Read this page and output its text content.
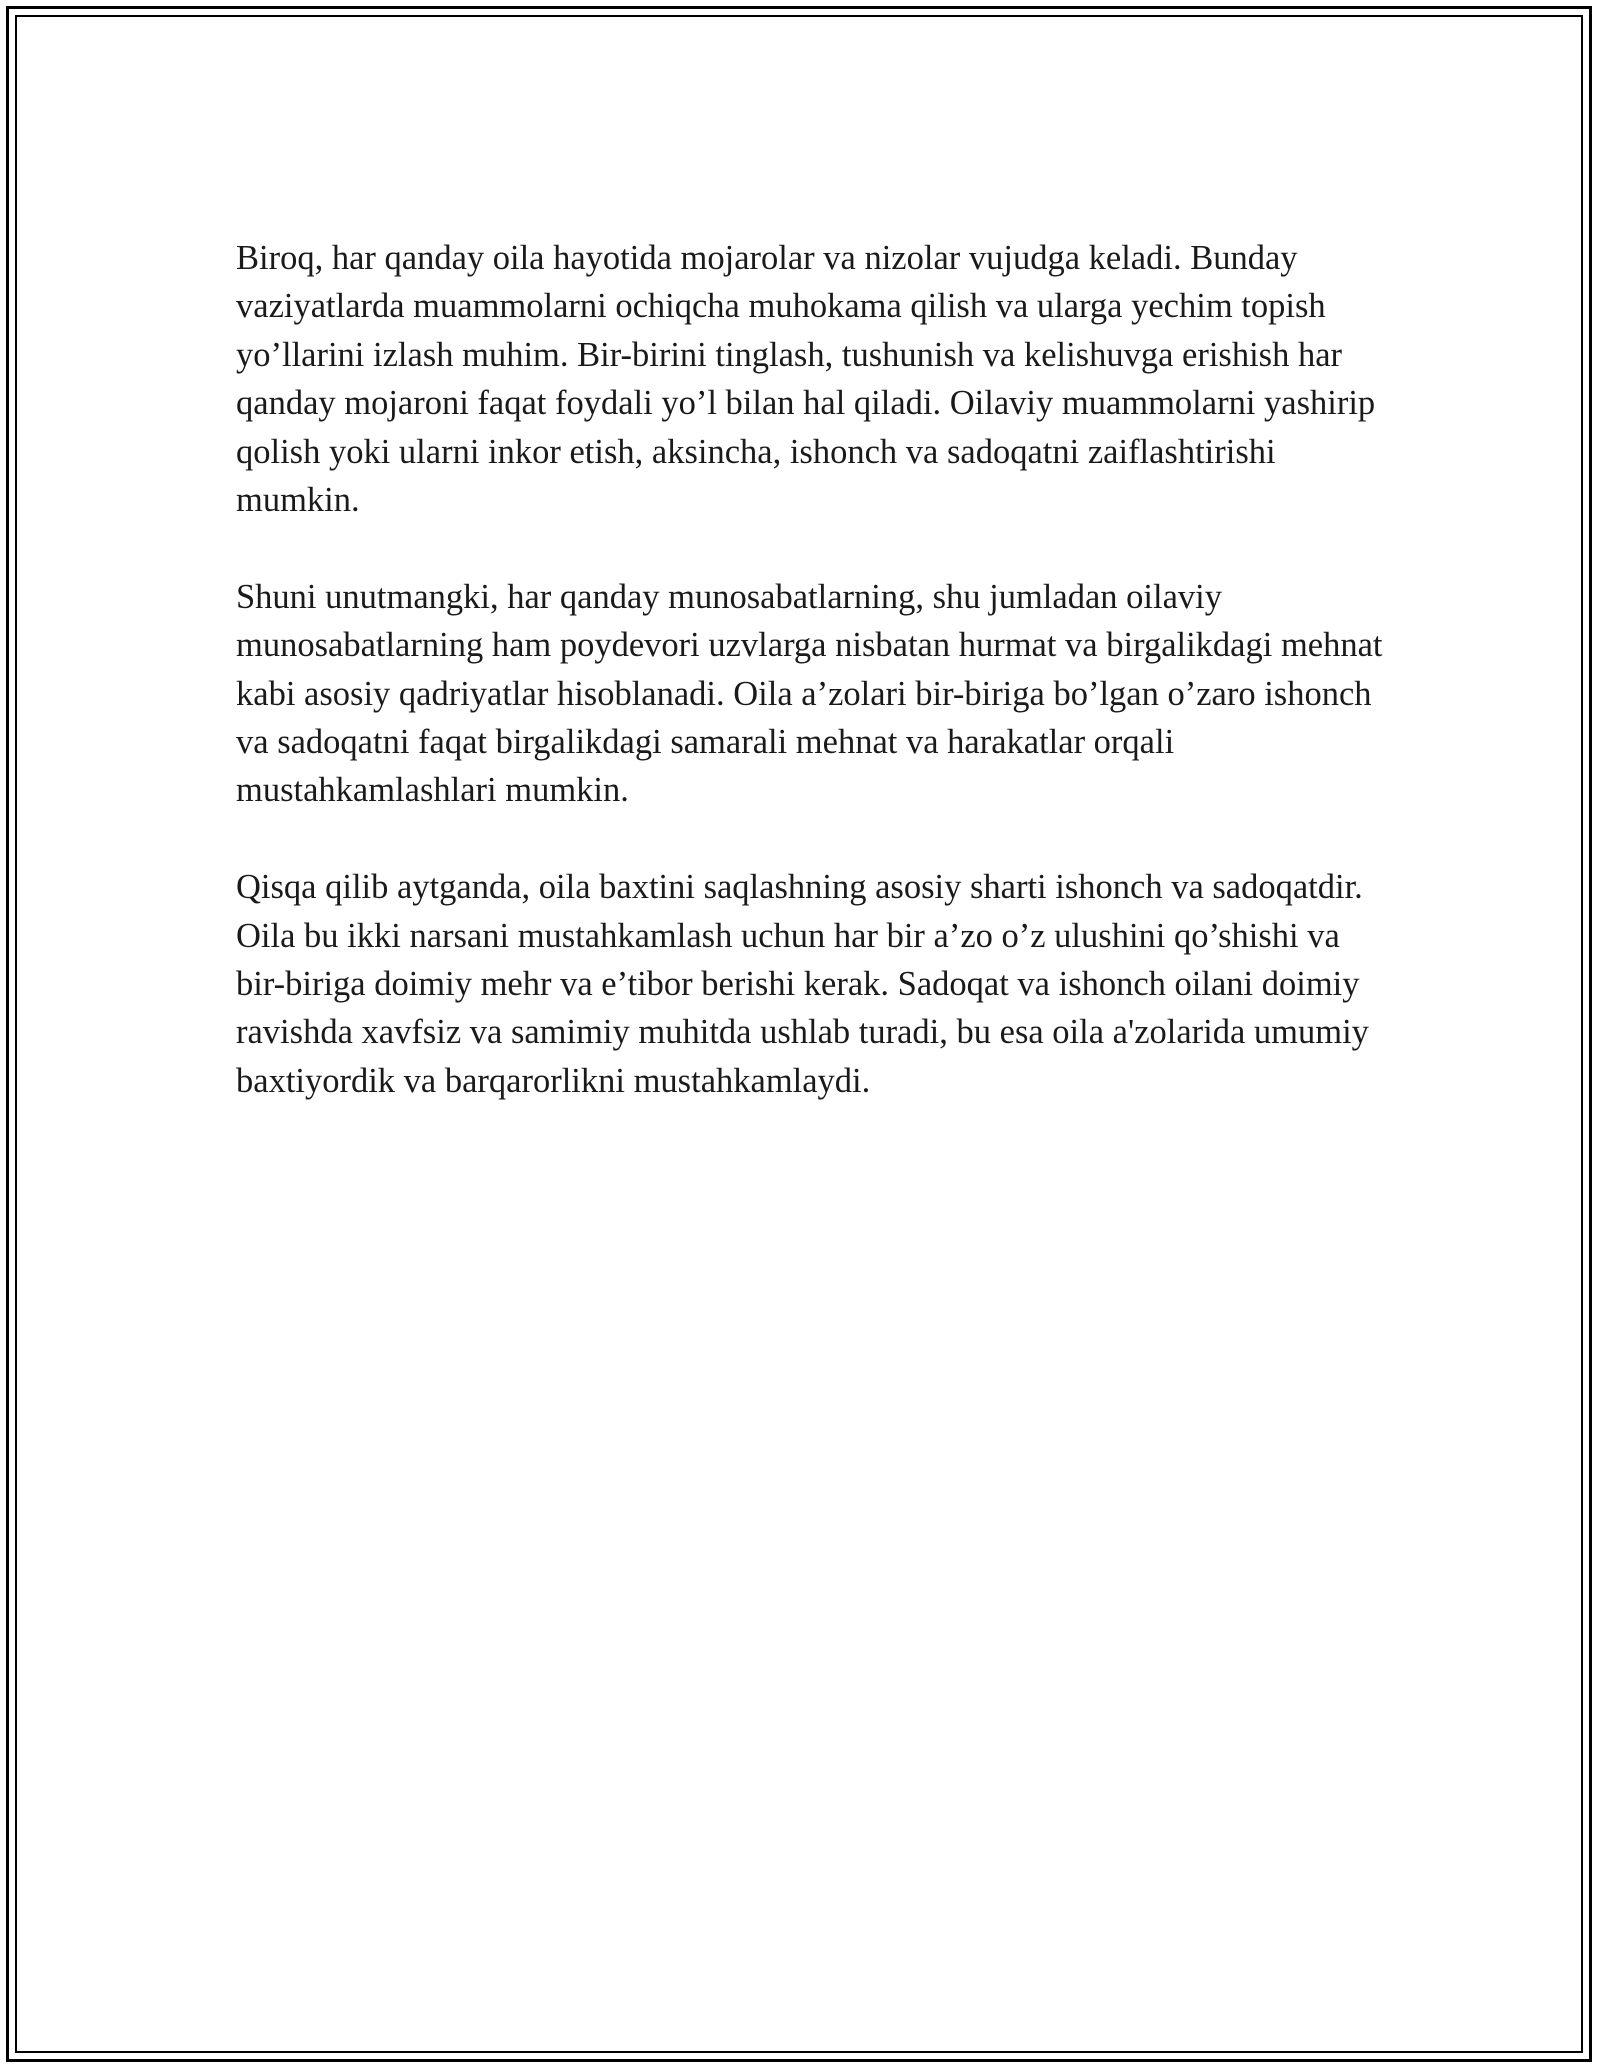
Biroq, har qanday oila hayotida mojarolar va nizolar vujudga keladi. Bunday vaziyatlarda muammolarni ochiqcha muhokama qilish va ularga yechim topish yo’llarini izlash muhim. Bir-birini tinglash, tushunish va kelishuvga erishish har qanday mojaroni faqat foydali yo’l bilan hal qiladi. Oilaviy muammolarni yashirip qolish yoki ularni inkor etish, aksincha, ishonch va sadoqatni zaiflashtirishi mumkin.

Shuni unutmangki, har qanday munosabatlarning, shu jumladan oilaviy munosabatlarning ham poydevori uzvlarga nisbatan hurmat va birgalikdagi mehnat kabi asosiy qadriyatlar hisoblanadi. Oila a’zolari bir-biriga bo’lgan o’zaro ishonch va sadoqatni faqat birgalikdagi samarali mehnat va harakatlar orqali mustahkamlashlari mumkin.

Qisqa qilib aytganda, oila baxtini saqlashning asosiy sharti ishonch va sadoqatdir. Oila bu ikki narsani mustahkamlash uchun har bir a’zo o’z ulushini qo’shishi va bir-biriga doimiy mehr va e’tibor berishi kerak. Sadoqat va ishonch oilani doimiy ravishda xavfsiz va samimiy muhitda ushlab turadi, bu esa oila a'zolarida umumiy baxtiyordik va barqarorlikni mustahkamlaydi.
